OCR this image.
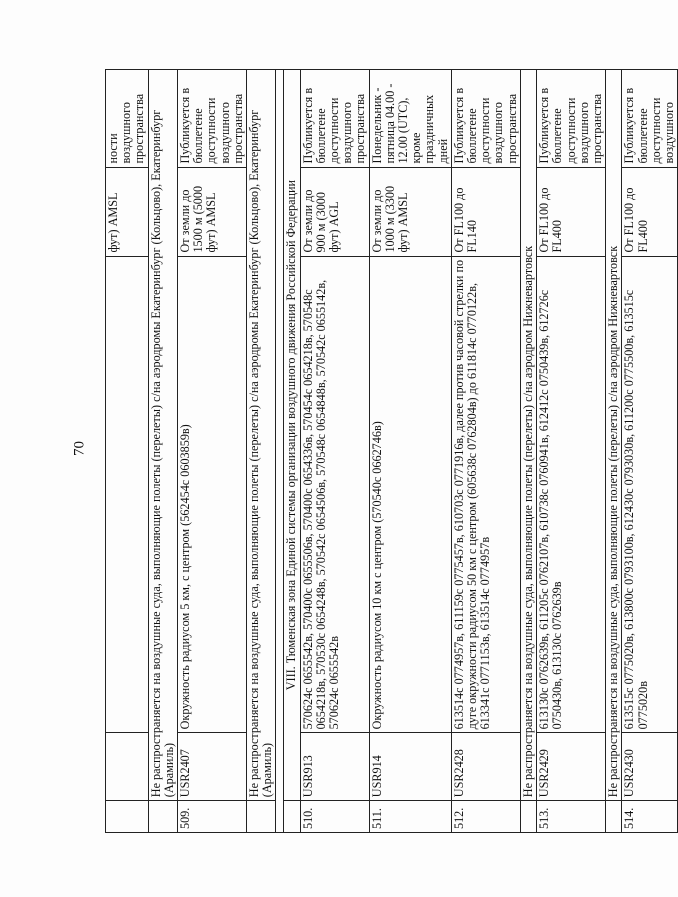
70
			фут) AMSL	ности воздушного пространства
	Не распространяется на воздушные суда, выполняющие полеты (перелеты) с/на аэродромы Екатеринбург (Кольцово), Екатеринбург (Арамиль)			
509.	USR2407	Окружность радиусом 5 км, с центром (562454с 0603859в)	От земли до 1500 м (5000 фут) AMSL	Публикуется в бюллетене доступности воздушного пространства
	Не распространяется на воздушные суда, выполняющие полеты (перелеты) с/на аэродромы Екатеринбург (Кольцово), Екатеринбург (Арамиль)			

	VIII. Тюменская зона Единой системы организации воздушного движения Российской Федерации			
510.	USR913	570624с 0655542в, 570400с 0655506в, 570400с 0654336в, 570454с 0654218в, 570548с 0654218в, 570530с 0654248в, 570542с 0654506в, 570548с 0654848в, 570542с 0655142в, 570624с 0655542в	От земли до 900 м (3000 фут) AGL	Публикуется в бюллетене доступности воздушного пространства
511.	USR914	Окружность радиусом 10 км с центром (570540с 0662746в)	От земли до 1000 м (3300 фут) AMSL	Понедельник - пятница 04.00 - 12.00 (UTC), кроме праздничных дней
512.	USR2428	613514с 0774957в, 611159с 0775457в, 610703с 0771916в, далее против часовой стрелки по дуге окружности радиусом 50 км с центром (605638с 0762804в) до 611814с 0770122в, 613341с 0771153в, 613514с 0774957в	От FL100 до FL140	Публикуется в бюллетене доступности воздушного пространства
	Не распространяется на воздушные суда, выполняющие полеты (перелеты) с/на аэродром Нижневартовск			
513.	USR2429	613130с 0762639в, 611205с 0762107в, 610738с 0760941в, 612412с 0750439в, 612726с 0750430в, 613130с 0762639в	От FL100 до FL400	Публикуется в бюллетене доступности воздушного пространства
	Не распространяется на воздушные суда, выполняющие полеты (перелеты) с/на аэродром Нижневартовск			
514.	USR2430	613515с 0775020в, 613800с 0793100в, 612430с 0793030в, 611200с 0775500в, 613515с 0775020в	От FL100 до FL400	Публикуется в бюллетене доступности воздушного
